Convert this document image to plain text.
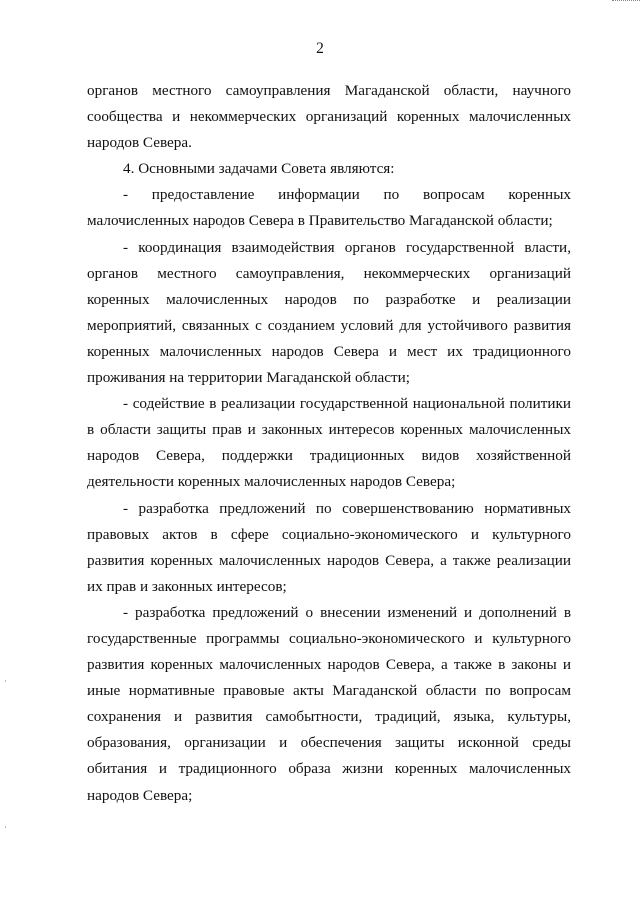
2

органов местного самоуправления Магаданской области, научного сообщества и некоммерческих организаций коренных малочисленных народов Севера.

4. Основными задачами Совета являются:

- предоставление информации по вопросам коренных малочисленных народов Севера в Правительство Магаданской области;

- координация взаимодействия органов государственной власти, органов местного самоуправления, некоммерческих организаций коренных малочисленных народов по разработке и реализации мероприятий, связанных с созданием условий для устойчивого развития коренных малочисленных народов Севера и мест их традиционного проживания на территории Магаданской области;

- содействие в реализации государственной национальной политики в области защиты прав и законных интересов коренных малочисленных народов Севера, поддержки традиционных видов хозяйственной деятельности коренных малочисленных народов Севера;

- разработка предложений по совершенствованию нормативных правовых актов в сфере социально-экономического и культурного развития коренных малочисленных народов Севера, а также реализации их прав и законных интересов;

- разработка предложений о внесении изменений и дополнений в государственные программы социально-экономического и культурного развития коренных малочисленных народов Севера, а также в законы и иные нормативные правовые акты Магаданской области по вопросам сохранения и развития самобытности, традиций, языка, культуры, образования, организации и обеспечения защиты исконной среды обитания и традиционного образа жизни коренных малочисленных народов Севера;
